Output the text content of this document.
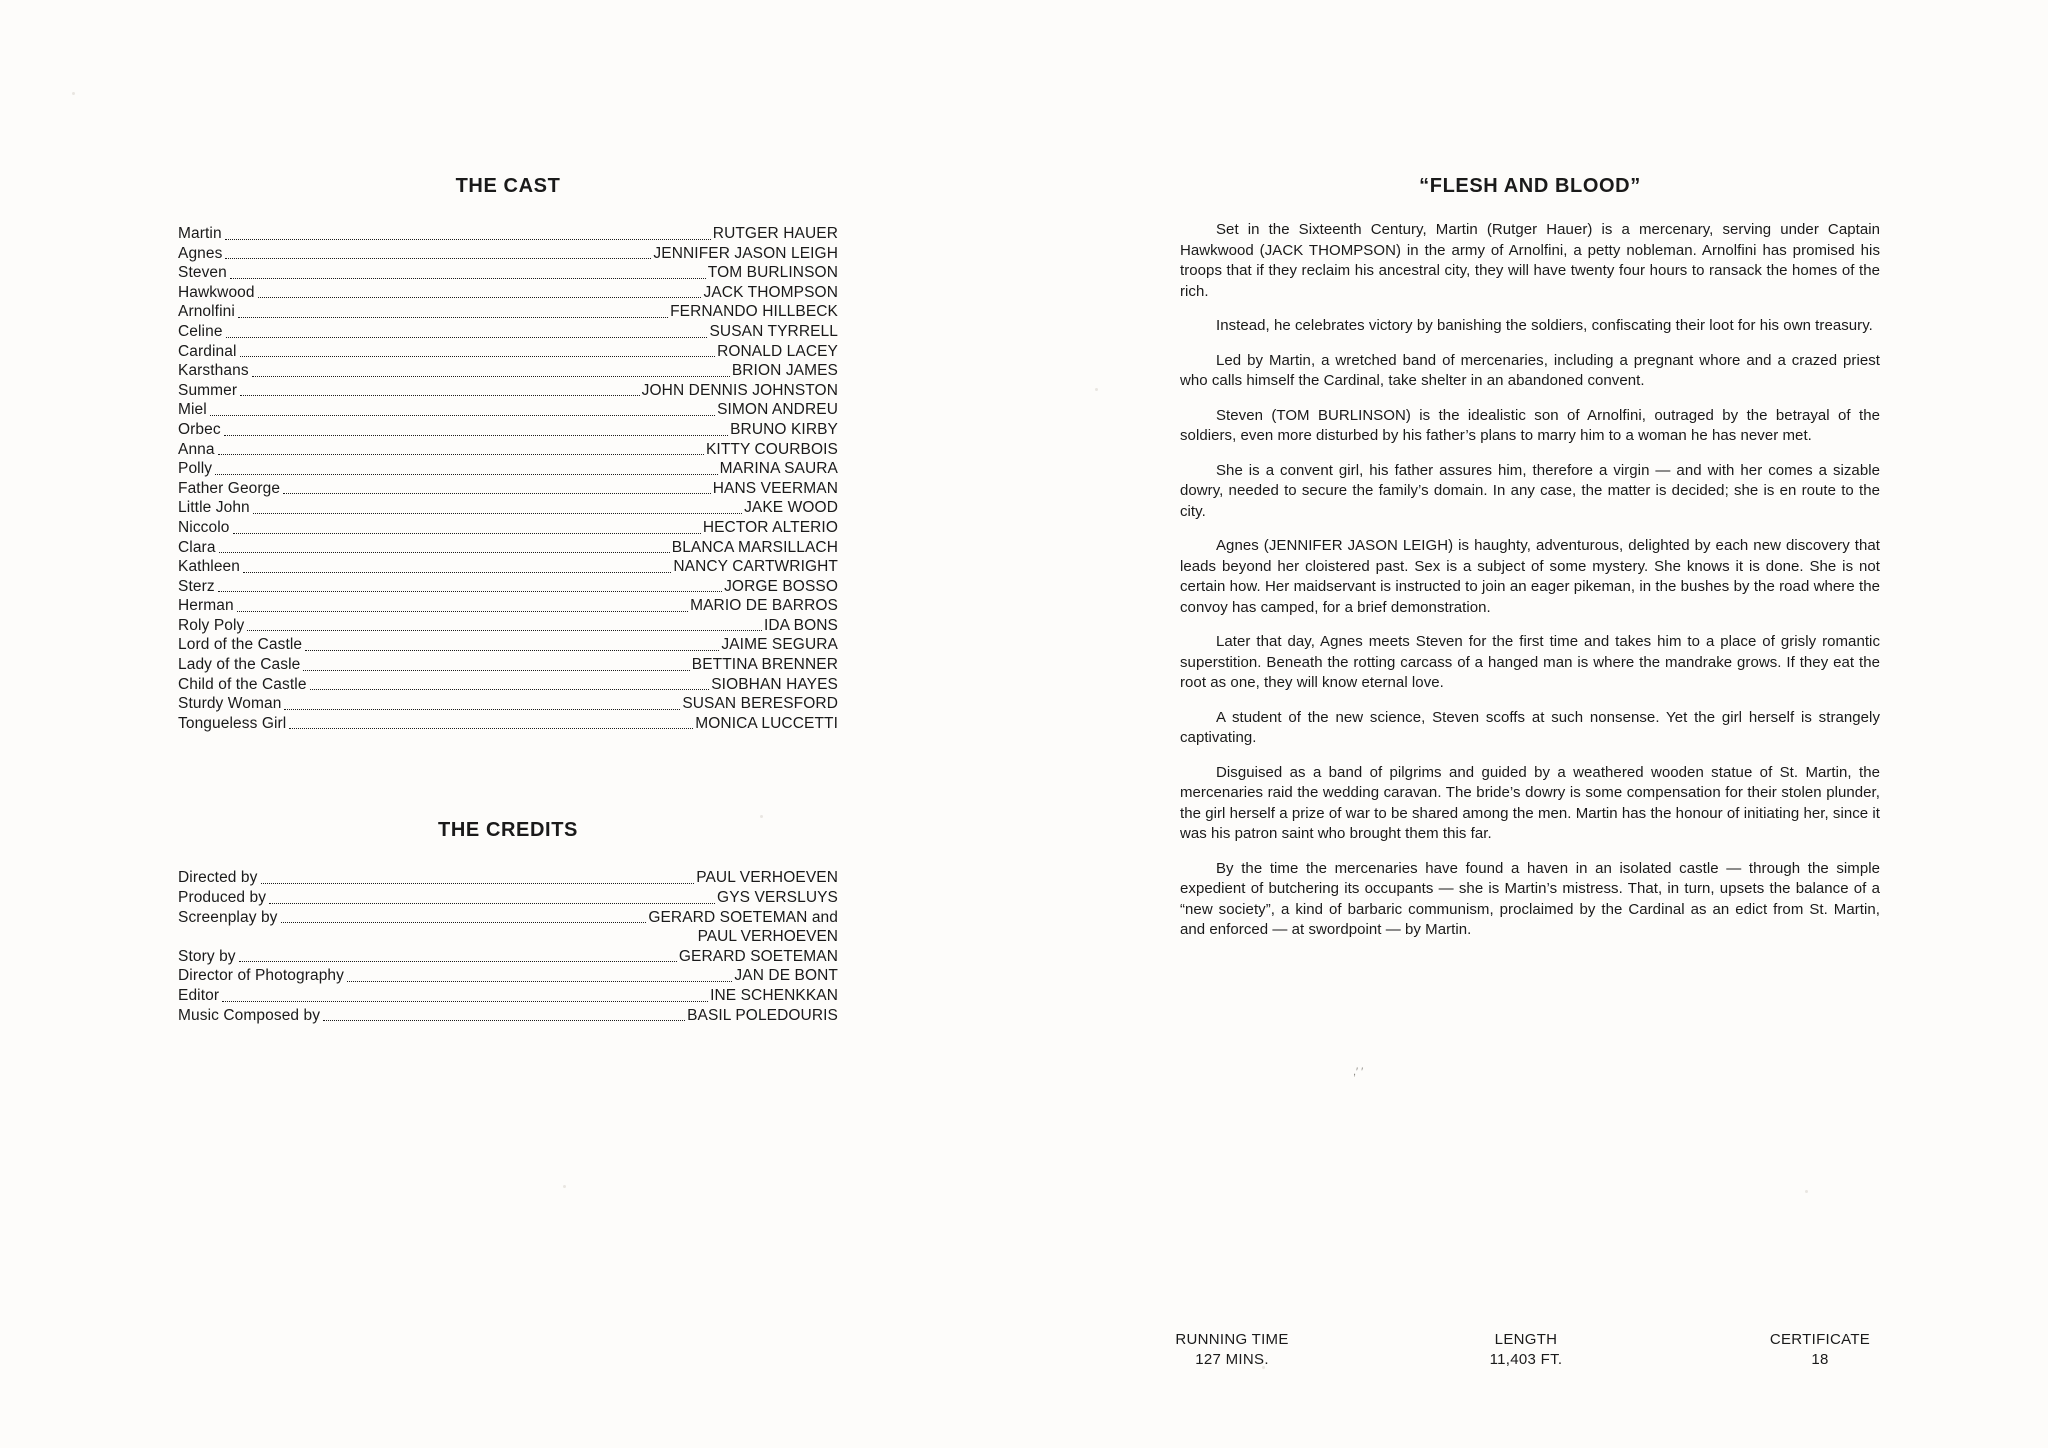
,′ ′
THE CAST
Martin	RUTGER HAUER
Agnes	JENNIFER JASON LEIGH
Steven	TOM BURLINSON
Hawkwood	JACK THOMPSON
Arnolfini	FERNANDO HILLBECK
Celine	SUSAN TYRRELL
Cardinal	RONALD LACEY
Karsthans	BRION JAMES
Summer	JOHN DENNIS JOHNSTON
Miel	SIMON ANDREU
Orbec	BRUNO KIRBY
Anna	KITTY COURBOIS
Polly	MARINA SAURA
Father George	HANS VEERMAN
Little John	JAKE WOOD
Niccolo	HECTOR ALTERIO
Clara	BLANCA MARSILLACH
Kathleen	NANCY CARTWRIGHT
Sterz	JORGE BOSSO
Herman	MARIO DE BARROS
Roly Poly	IDA BONS
Lord of the Castle	JAIME SEGURA
Lady of the Casle	BETTINA BRENNER
Child of the Castle	SIOBHAN HAYES
Sturdy Woman	SUSAN BERESFORD
Tongueless Girl	MONICA LUCCETTI
THE CREDITS
Directed by	PAUL VERHOEVEN
Produced by	GYS VERSLUYS
Screenplay by	GERARD SOETEMAN and
PAUL VERHOEVEN
Story by	GERARD SOETEMAN
Director of Photography	JAN DE BONT
Editor	INE SCHENKKAN
Music Composed by	BASIL POLEDOURIS
“FLESH AND BLOOD”

Set in the Sixteenth Century, Martin (Rutger Hauer) is a mercenary, serving under Captain Hawkwood (JACK THOMPSON) in the army of Arnolfini, a petty nobleman. Arnolfini has promised his troops that if they reclaim his ancestral city, they will have twenty four hours to ransack the homes of the rich.

Instead, he celebrates victory by banishing the soldiers, confiscating their loot for his own treasury.

Led by Martin, a wretched band of mercenaries, including a pregnant whore and a crazed priest who calls himself the Cardinal, take shelter in an abandoned convent.

Steven (TOM BURLINSON) is the idealistic son of Arnolfini, outraged by the betrayal of the soldiers, even more disturbed by his father’s plans to marry him to a woman he has never met.

She is a convent girl, his father assures him, therefore a virgin — and with her comes a sizable dowry, needed to secure the family’s domain. In any case, the matter is decided; she is en route to the city.

Agnes (JENNIFER JASON LEIGH) is haughty, adventurous, delighted by each new discovery that leads beyond her cloistered past. Sex is a subject of some mystery. She knows it is done. She is not certain how. Her maidservant is instructed to join an eager pikeman, in the bushes by the road where the convoy has camped, for a brief demonstration.

Later that day, Agnes meets Steven for the first time and takes him to a place of grisly romantic superstition. Beneath the rotting carcass of a hanged man is where the mandrake grows. If they eat the root as one, they will know eternal love.

A student of the new science, Steven scoffs at such nonsense. Yet the girl herself is strangely captivating.

Disguised as a band of pilgrims and guided by a weathered wooden statue of St. Martin, the mercenaries raid the wedding caravan. The bride’s dowry is some compensation for their stolen plunder, the girl herself a prize of war to be shared among the men. Martin has the honour of initiating her, since it was his patron saint who brought them this far.

By the time the mercenaries have found a haven in an isolated castle — through the simple expedient of butchering its occupants — she is Martin’s mistress. That, in turn, upsets the balance of a “new society”, a kind of barbaric communism, proclaimed by the Cardinal as an edict from St. Martin, and enforced — at swordpoint — by Martin.

RUNNING TIME
127 MINS.
LENGTH
11,403 FT.
CERTIFICATE
18
